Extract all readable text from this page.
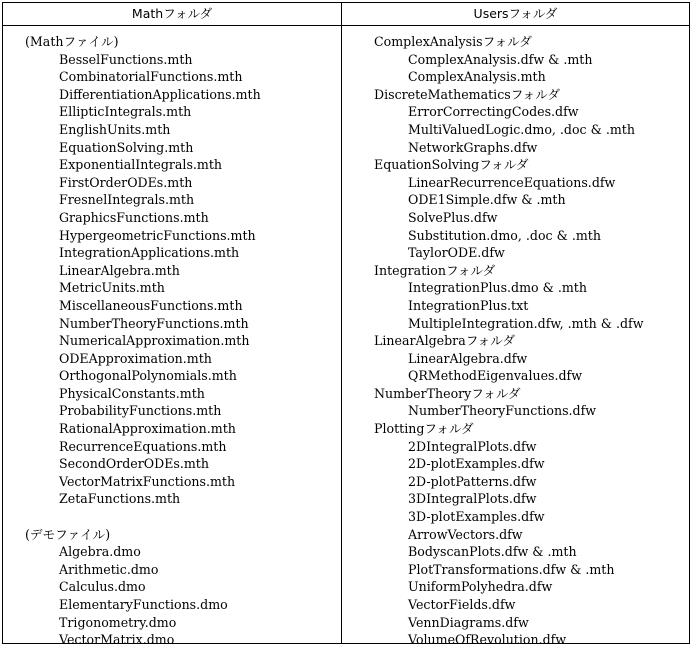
Mathフォルダ	Usersフォルダ
(Mathファイル)
BesselFunctions.mth
CombinatorialFunctions.mth
DifferentiationApplications.mth
EllipticIntegrals.mth
EnglishUnits.mth
EquationSolving.mth
ExponentialIntegrals.mth
FirstOrderODEs.mth
FresnelIntegrals.mth
GraphicsFunctions.mth
HypergeometricFunctions.mth
IntegrationApplications.mth
LinearAlgebra.mth
MetricUnits.mth
MiscellaneousFunctions.mth
NumberTheoryFunctions.mth
NumericalApproximation.mth
ODEApproximation.mth
OrthogonalPolynomials.mth
PhysicalConstants.mth
ProbabilityFunctions.mth
RationalApproximation.mth
RecurrenceEquations.mth
SecondOrderODEs.mth
VectorMatrixFunctions.mth
ZetaFunctions.mth
(デモファイル)
Algebra.dmo
Arithmetic.dmo
Calculus.dmo
ElementaryFunctions.dmo
Trigonometry.dmo
VectorMatrix.dmo
ComplexAnalysisフォルダ
ComplexAnalysis.dfw & .mth
ComplexAnalysis.mth
DiscreteMathematicsフォルダ
ErrorCorrectingCodes.dfw
MultiValuedLogic.dmo, .doc & .mth
NetworkGraphs.dfw
EquationSolvingフォルダ
LinearRecurrenceEquations.dfw
ODE1Simple.dfw & .mth
SolvePlus.dfw
Substitution.dmo, .doc & .mth
TaylorODE.dfw
Integrationフォルダ
IntegrationPlus.dmo & .mth
IntegrationPlus.txt
MultipleIntegration.dfw, .mth & .dfw
LinearAlgebraフォルダ
LinearAlgebra.dfw
QRMethodEigenvalues.dfw
NumberTheoryフォルダ
NumberTheoryFunctions.dfw
Plottingフォルダ
2DIntegralPlots.dfw
2D-plotExamples.dfw
2D-plotPatterns.dfw
3DIntegralPlots.dfw
3D-plotExamples.dfw
ArrowVectors.dfw
BodyscanPlots.dfw & .mth
PlotTransformations.dfw & .mth
UniformPolyhedra.dfw
VectorFields.dfw
VennDiagrams.dfw
VolumeOfRevolution.dfw
